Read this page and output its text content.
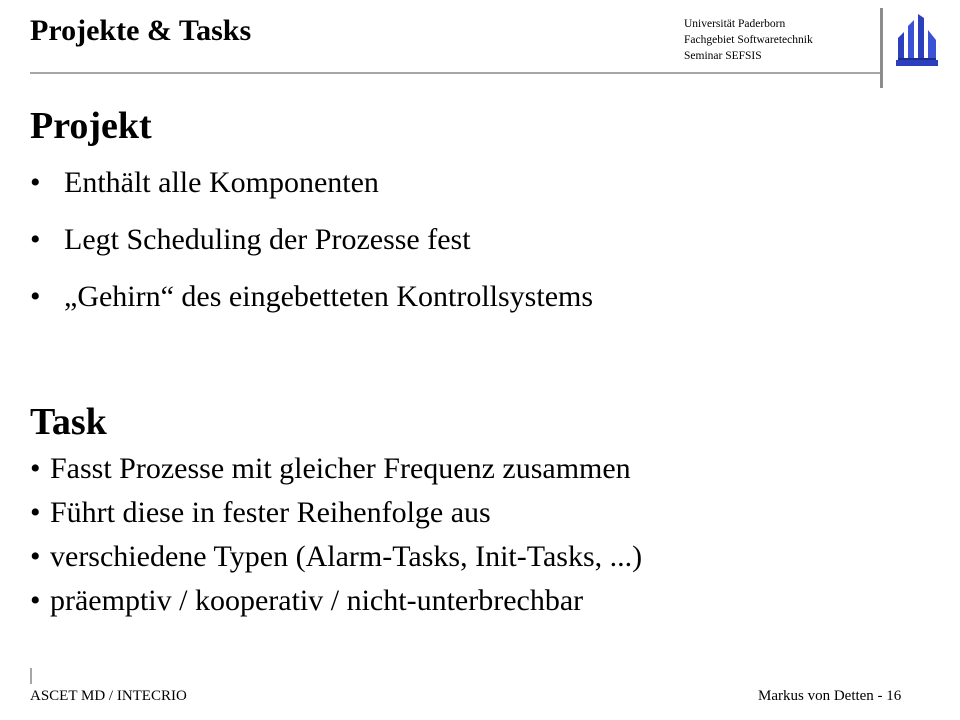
Projekte & Tasks	Universität Paderborn
Fachgebiet Softwaretechnik
Seminar SEFSIS
Projekt
• Enthält alle Komponenten
• Legt Scheduling der Prozesse fest
• „Gehirn“ des eingebetteten Kontrollsystems
Task
• Fasst Prozesse mit gleicher Frequenz zusammen
• Führt diese in fester Reihenfolge aus
• verschiedene Typen (Alarm-Tasks, Init-Tasks, ...)
• präemptiv / kooperativ / nicht-unterbrechbar
ASCET MD / INTECRIO	Markus von Detten - 16
